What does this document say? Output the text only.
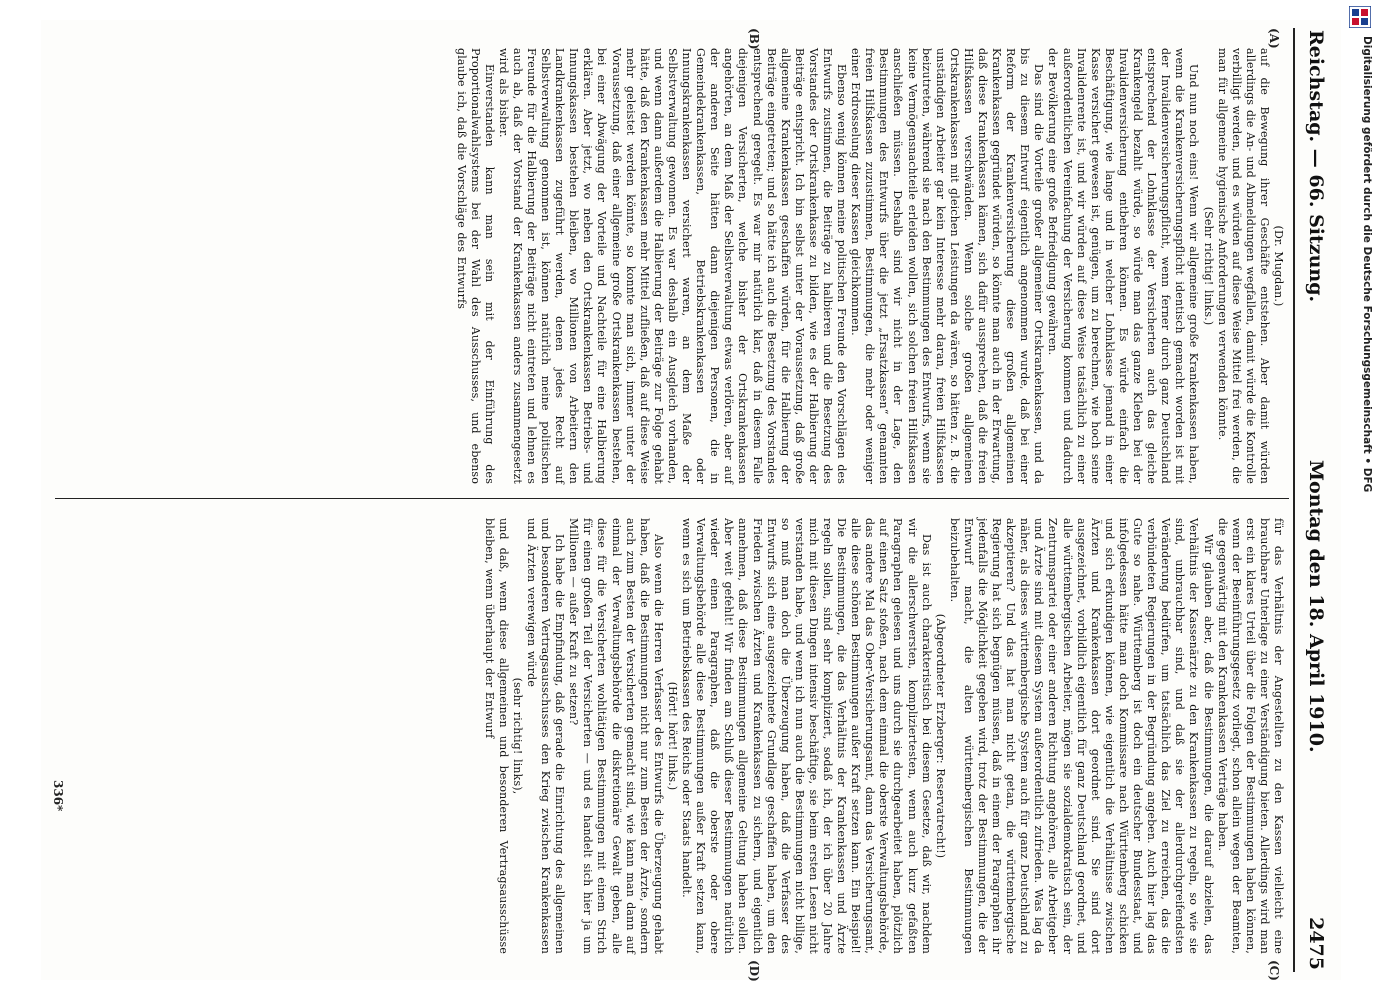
Reichstag. — 66. Sitzung.
Montag den 18. April 1910.
2475
(A)
(B)
(C)
(D)

(Dr. Mugdan.)

auf die Bewegung ihrer Geschäfte entstehen. Aber damit würden allerdings die An- und Abmeldungen wegfallen, damit würde die Kontrolle verbilligt werden, und es würden auf diese Weise Mittel frei werden, die man für allgemeine hygienische Anforderungen verwenden könnte.

(Sehr richtig! links.)

Und nun noch eins! Wenn wir allgemeine große Krankenkassen haben, wenn die Krankenversicherungspflicht identisch gemacht worden ist mit der Invalidenversicherungspflicht, wenn ferner durch ganz Deutschland entsprechend der Lohnklasse der Versicherten auch das gleiche Krankengeld bezahlt würde, so würde man das ganze Kleben bei der Invalidenversicherung entbehren können. Es würde einfach die Beschäftigung, wie lange und in welcher Lohnklasse jemand in einer Kasse versichert gewesen ist, genügen, um zu berechnen, wie hoch seine Invalidenrente ist, und wir würden auf diese Weise tatsächlich zu einer außerordentlichen Vereinfachung der Versicherung kommen und dadurch der Bevölkerung eine große Befriedigung gewähren.

Das sind die Vorteile großer allgemeiner Ortskrankenkassen, und da bis zu diesem Entwurf eigentlich angenommen wurde, daß bei einer Reform der Krankenversicherung diese großen allgemeinen Krankenkassen gegründet würden, so könnte man auch in der Erwartung, daß diese Krankenkassen kämen, sich dafür aussprechen, daß die freien Hilfskassen verschwänden. Wenn solche großen allgemeinen Ortskrankenkassen mit gleichen Leistungen da wären, so hätten z. B. die unständigen Arbeiter gar kein Interesse mehr daran, freien Hilfskassen beizutreten, während sie nach den Bestimmungen des Entwurfs, wenn sie keine Vermögensnachteile erleiden wollen, sich solchen freien Hilfskassen anschließen müssen. Deshalb sind wir nicht in der Lage, den Bestimmungen des Entwurfs über die jetzt „Ersatzkassen“ genannten freien Hilfskassen zuzustimmen, Bestimmungen, die mehr oder weniger einer Erdrosselung dieser Kassen gleichkommen.

Ebenso wenig können meine politischen Freunde den Vorschlägen des Entwurfs zustimmen, die Beiträge zu halbieren und die Besetzung des Vorstandes der Ortskrankenkasse zu bilden, wie es der Halbierung der Beiträge entspricht. Ich bin selbst unter der Voraussetzung, daß große allgemeine Krankenkassen geschaffen würden, für die Halbierung der Beiträge eingetreten; und so hätte ich auch die Besetzung des Vorstandes entsprechend geregelt. Es war mir natürlich klar, daß in diesem Falle diejenigen Versicherten, welche bisher der Ortskrankenkassen angehörten, an dem Maß der Selbstverwaltung etwas verlören, aber auf der anderen Seite hätten dann diejenigen Personen, die in Gemeindekrankenkassen, Betriebskrankenkassen oder Innungskrankenkassen versichert waren, an dem Maße der Selbstverwaltung gewonnen. Es war deshalb ein Ausgleich vorhanden, und wenn dann außerdem die Halbierung der Beiträge zur Folge gehabt hätte, daß den Krankenkassen mehr Mittel zufließen, daß auf diese Weise mehr geleistet werden könnte, so konnte man sich, immer unter der Voraussetzung, daß einer allgemeine große Ortskrankenkassen bestehen, bei einer Abwägung der Vorteile und Nachteile für eine Halbierung erklären. Aber jetzt, wo neben den Ortskrankenkassen Betriebs- und Innungskassen bestehen bleiben, wo Millionen von Arbeitern den Landkrankenkassen zugeführt werden, denen jedes Recht auf Selbstverwaltung genommen ist, können natürlich meine politischen Freunde für die Halbierung der Beiträge nicht eintreten und lehnen es auch ab, daß der Vorstand der Krankenkassen anders zusammengesetzt wird als bisher.

Einverstanden kann man sein mit der Einführung des Proportionalwahlsystems bei der Wahl des Ausschusses, und ebenso glaube ich, daß die Vorschläge des Entwurfs

für das Verhältnis der Angestellten zu den Kassen vielleicht eine brauchbare Unterlage zu einer Verständigung bieten. Allerdings wird man erst ein klares Urteil über die Folgen der Bestimmungen haben können, wenn der Beeinführungsgesetz vorliegt, schon allein wegen der Beamten, die gegenwärtig mit den Krankenkassen Verträge haben.

Wir glauben aber, daß die Bestimmungen, die darauf abzielen, das Verhältnis der Kassenärzte zu den Krankenkassen zu regeln, so wie sie sind, unbrauchbar sind, und daß sie der allerdurchgreifendsten Veränderung bedürfen, um tatsächlich das Ziel zu erreichen, das die verbündeten Regierungen in der Begründung angeben. Auch hier lag das Gute so nahe. Württemberg ist doch ein deutscher Bundesstaat, und infolgedessen hätte man doch Kommissare nach Württemberg schicken und sich erkundigen können, wie eigentlich die Verhältnisse zwischen Ärzten und Krankenkassen dort geordnet sind. Sie sind dort ausgezeichnet, vorbildlich eigentlich für ganz Deutschland geordnet, und alle württembergischen Arbeiter, mögen sie sozialdemokratisch sein, der Zentrumspartei oder einer anderen Richtung angehören, alle Arbeitgeber und Ärzte sind mit diesem System außerordentlich zufrieden. Was lag da näher, als dieses württembergische System auch für ganz Deutschland zu akzeptieren? Und das hat man nicht getan, die württembergische Regierung hat sich begnügen müssen, daß in einem der Paragraphen ihr jedenfalls die Möglichkeit gegeben wird, trotz der Bestimmungen, die der Entwurf macht, die alten württembergischen Bestimmungen beizubehalten.

(Abgeordneter Erzberger: Reservatrecht!)

Das ist auch charakteristisch bei diesem Gesetze, daß wir, nachdem wir die allerschwersten, kompliziertesten, wenn auch kurz gefaßten Paragraphen gelesen und uns durch sie durchgearbeitet haben, plötzlich auf einen Satz stoßen, nach dem einmal die oberste Verwaltungsbehörde, das andere Mal das Ober-Versicherungsamt, dann das Versicherungsamt, alle diese schönen Bestimmungen außer Kraft setzen kann. Ein Beispiel! Die Bestimmungen, die das Verhältnis der Krankenkassen und Ärzte regeln sollen, sind sehr kompliziert, sodaß ich, der ich über 20 Jahre mich mit diesen Dingen intensiv beschäftige, sie beim ersten Lesen nicht verstanden habe, und wenn ich nun auch die Bestimmungen nicht billige, so muß man doch die Überzeugung haben, daß die Verfasser des Entwurfs sich eine ausgezeichnete Grundlage geschaffen haben, um den Frieden zwischen Ärzten und Krankenkassen zu sichern, und eigentlich annehmen, daß diese Bestimmungen allgemeine Geltung haben sollen. Aber weit gefehlt! Wir finden am Schluß dieser Bestimmungen natürlich wieder einen Paragraphen, daß die oberste oder obere Verwaltungsbehörde alle diese Bestimmungen außer Kraft setzen kann, wenn es sich um Betriebskassen des Reichs oder Staats handelt.

(Hört! hört! links.)

Also wenn die Herren Verfasser des Entwurfs die Überzeugung gehabt haben, daß die Bestimmungen nicht nur zum Besten der Ärzte, sondern auch zum Besten der Versicherten gemacht sind, wie kann man dann auf einmal der Verwaltungsbehörde die diskretionäre Gewalt geben, alle diese für die Versicherten wohltätigen Bestimmungen mit einem Strich für einen großen Teil der Versicherten — und es handelt sich hier ja um Millionen — außer Kraft zu setzen?

Ich habe die Empfindung, daß gerade die Einrichtung des allgemeinen und besonderen Vertragsausschusses den Krieg zwischen Krankenkassen und Ärzten verewigen würde

(sehr richtig! links),

und daß, wenn diese allgemeinen und besonderen Vertragsausschüsse bleiben, wenn überhaupt der Entwurf

336*
Digitalisierung gefördert durch die Deutsche Forschungsgemeinschaft • DFG
